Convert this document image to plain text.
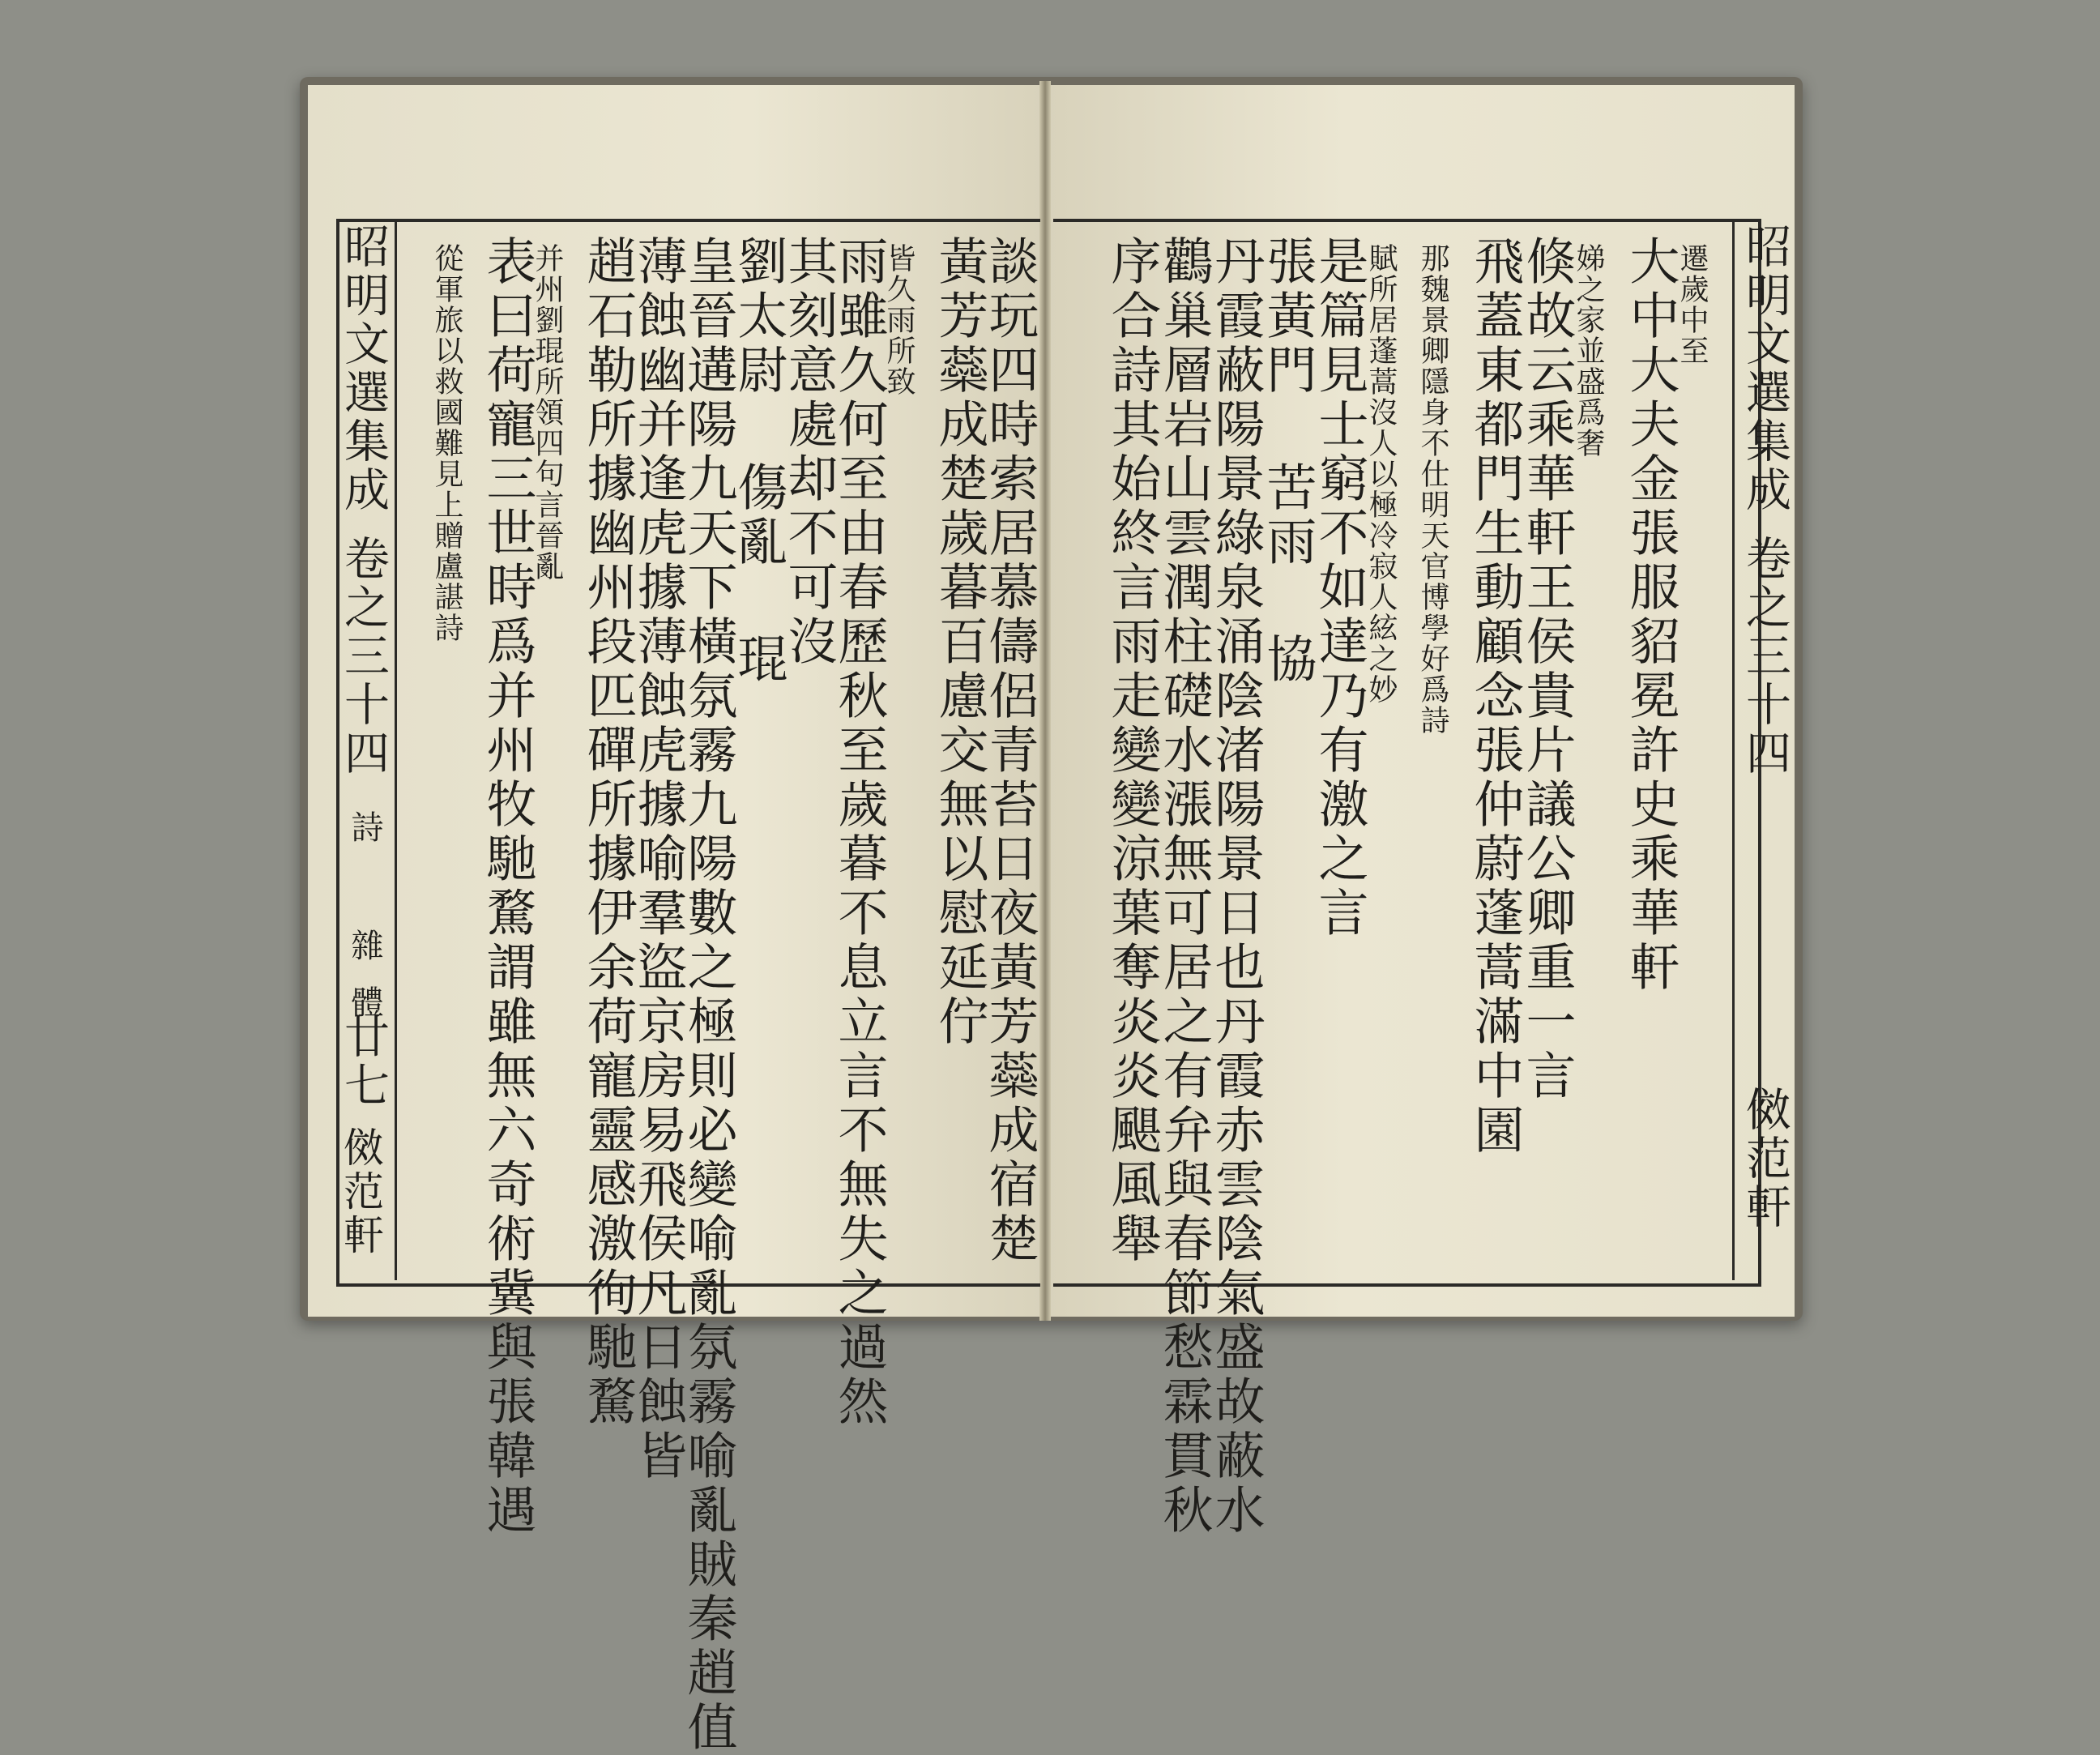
遷歲中至
大中大夫金張服貂冕許史乘華軒
娣之家並盛爲奢
倏故云乘華軒王侯貴片議公卿重一言
飛蓋東都門生動顧念張仲蔚蓬蒿滿中園
那魏景卿隱身不仕明天官博學好爲詩
賦所居蓬蒿沒人以極冷寂人絃之妙
是篇見士窮不如達乃有激之言
張黃門 苦雨 協
丹霞蔽陽景綠泉涌陰渚陽景日也丹霞赤雲陰氣盛故蔽水
鸛巢層岩山雲潤柱礎水漲無可居之有弁與春節愁霖貫秋
序合詩其始終言雨走變變涼葉奪炎炎颶風舉
談玩四時索居慕儔侶青苔日夜黃芳蘂成宿楚
黃芳蘂成楚歲暮百慮交無以慰延佇
皆久雨所致
雨雖久何至由春歷秋至歲暮不息立言不無失之過然
其刻意處却不可沒
劉太尉 傷亂 琨
皇晉遘陽九天下橫氛霧九陽數之極則必變喻亂氛霧喻亂賊秦趙值
薄蝕幽并逢虎據薄蝕虎據喻羣盜京房易飛侯凡日蝕皆
趙石勒所據幽州段匹磾所據伊余荷寵靈感激徇馳騖
并州劉琨所領四句言晉亂
表曰荷寵三世時爲并州牧馳騖謂雖無六奇術冀與張韓遇
從軍旅以救國難見上贈盧諶詩	昭明文選集成
卷之三十四
傚范軒
昭明文選集成
卷之三十四
詩 雜體
廿七
傚范軒
